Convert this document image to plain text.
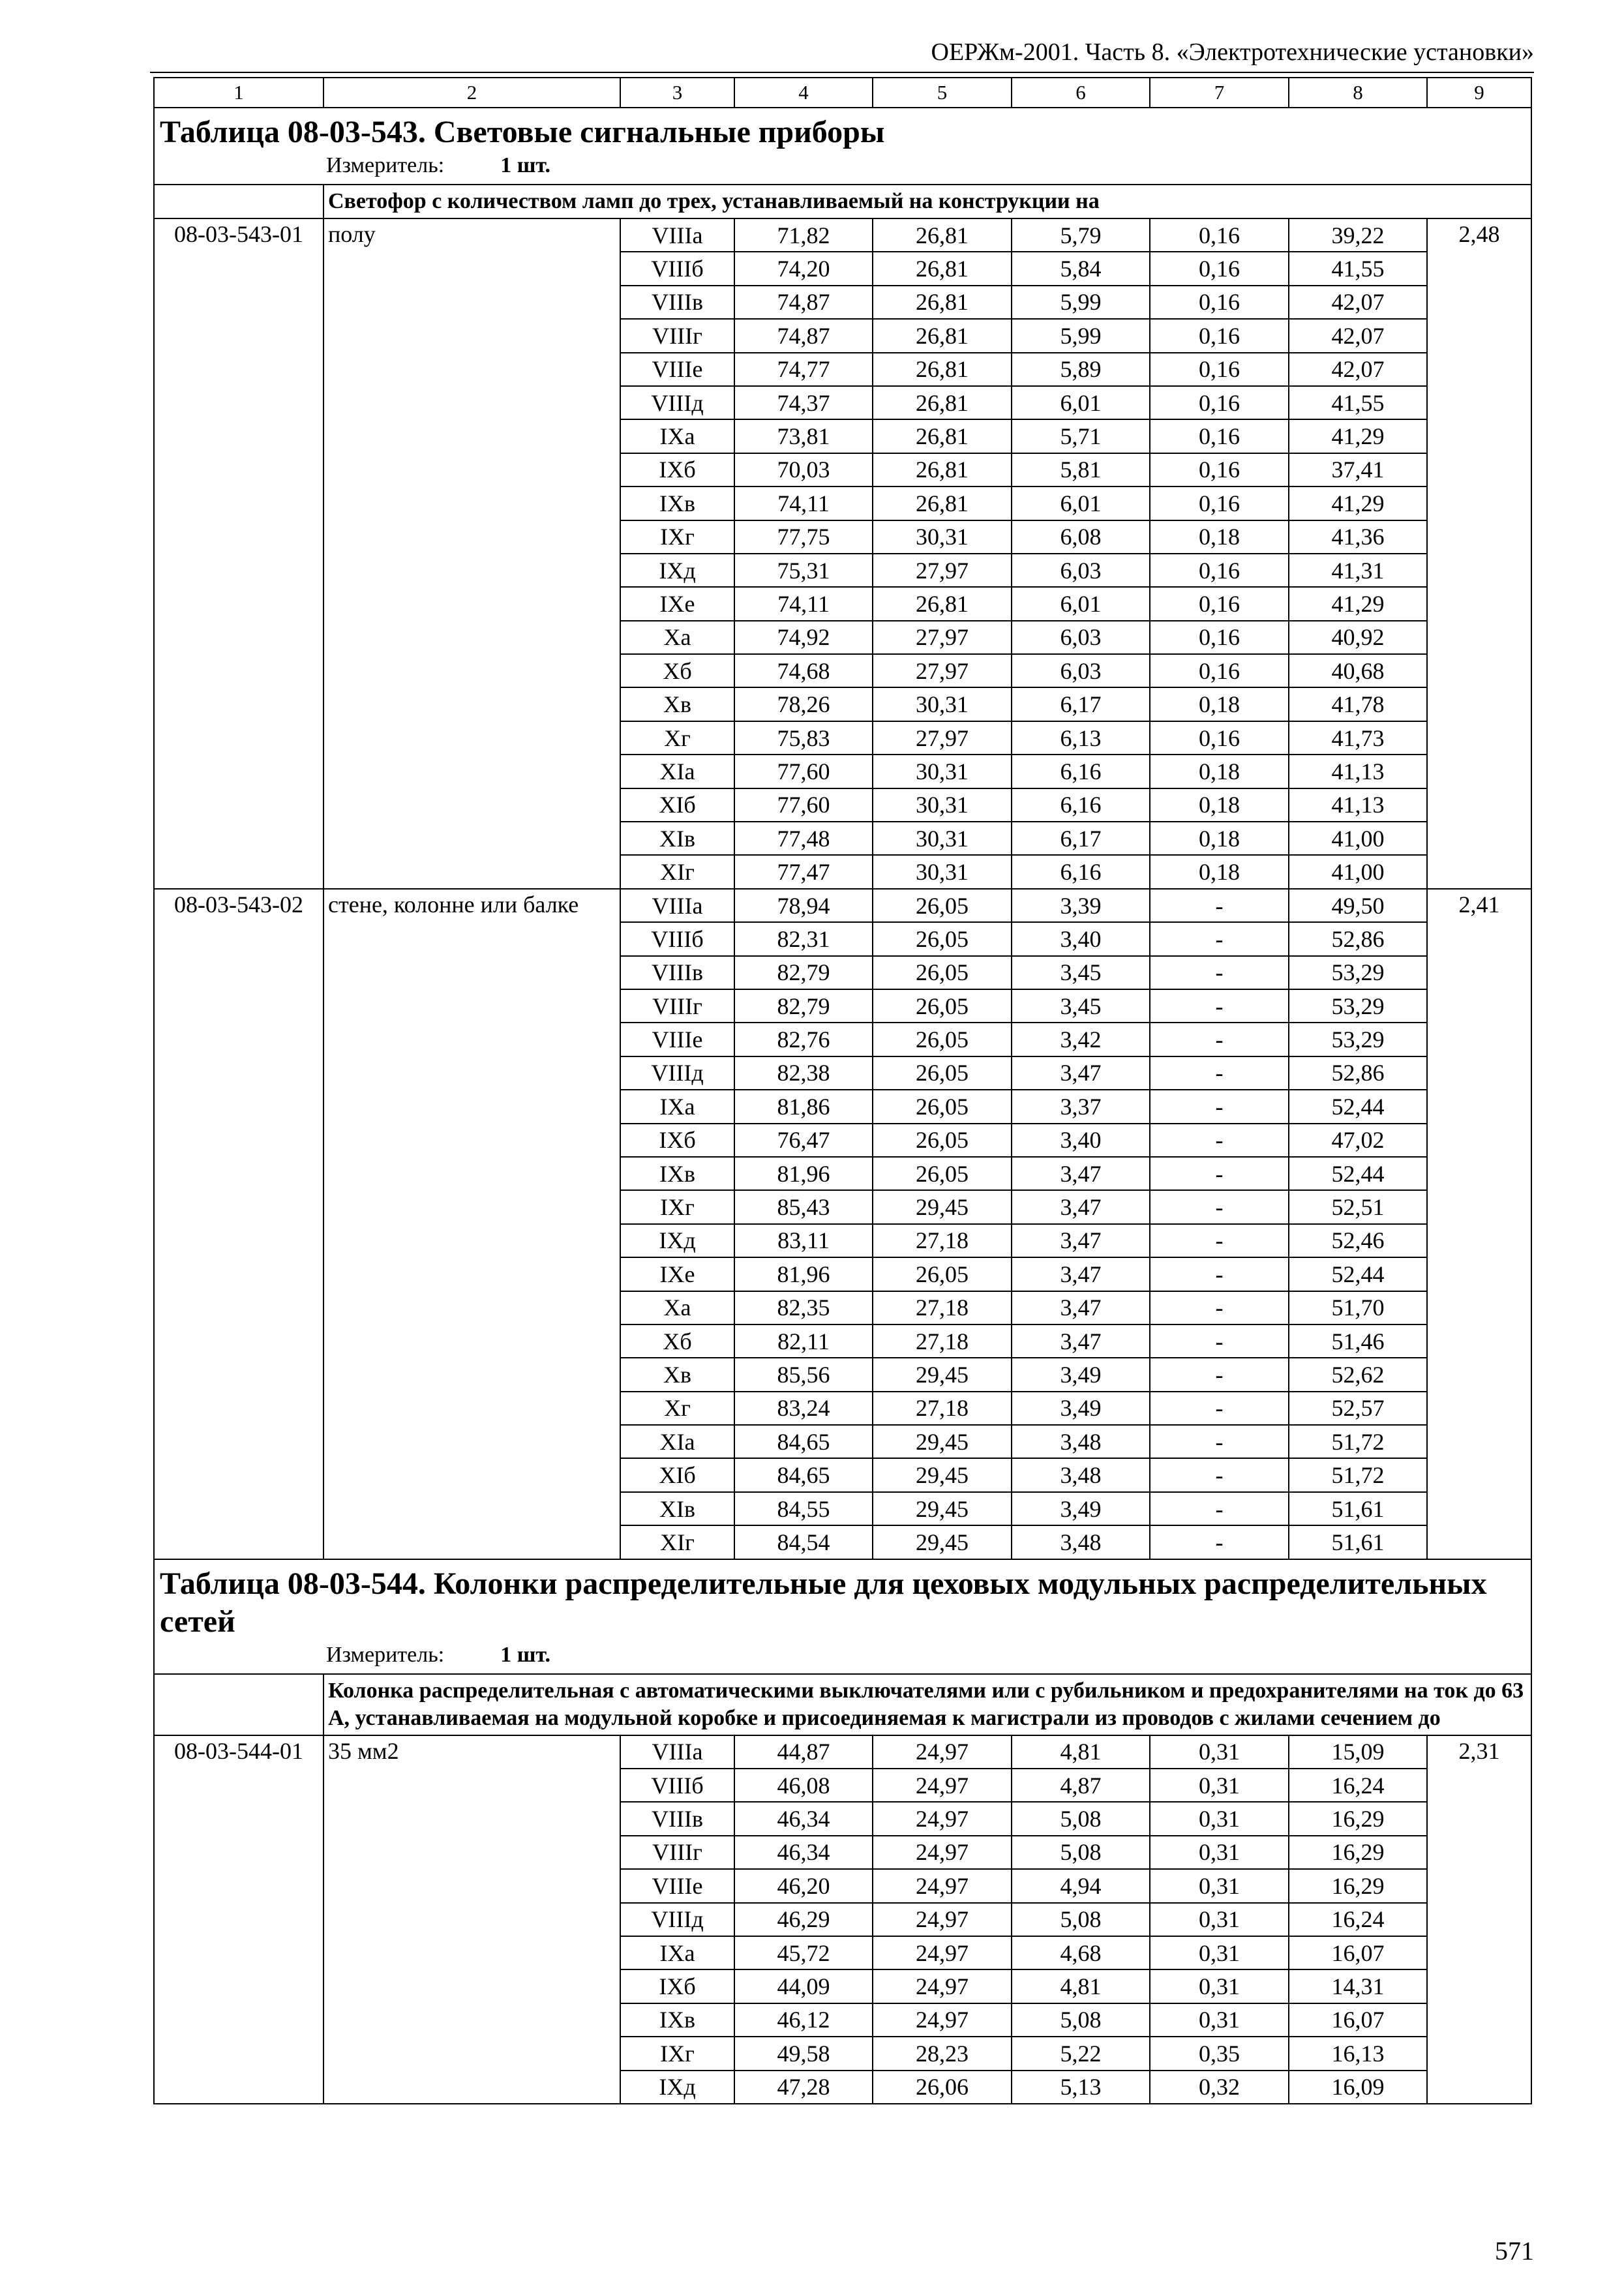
ОЕРЖм-2001. Часть 8. «Электротехнические установки»
1	2	3	4	5	6	7	8	9

Таблица 08-03-543. Световые сигнальные приборы
Измеритель: 1 шт.								

	Светофор с количеством ламп до трех, устанавливаемый на конструкции на							
08-03-543-01	полу	VIIIа	71,82	26,81	5,79	0,16	39,22	2,48
		VIIIб	74,20	26,81	5,84	0,16	41,55	
		VIIIв	74,87	26,81	5,99	0,16	42,07	
		VIIIг	74,87	26,81	5,99	0,16	42,07	
		VIIIе	74,77	26,81	5,89	0,16	42,07	
		VIIIд	74,37	26,81	6,01	0,16	41,55	
		IXа	73,81	26,81	5,71	0,16	41,29	
		IXб	70,03	26,81	5,81	0,16	37,41	
		IXв	74,11	26,81	6,01	0,16	41,29	
		IXг	77,75	30,31	6,08	0,18	41,36	
		IXд	75,31	27,97	6,03	0,16	41,31	
		IXе	74,11	26,81	6,01	0,16	41,29	
		Xа	74,92	27,97	6,03	0,16	40,92	
		Xб	74,68	27,97	6,03	0,16	40,68	
		Xв	78,26	30,31	6,17	0,18	41,78	
		Xг	75,83	27,97	6,13	0,16	41,73	
		XIа	77,60	30,31	6,16	0,18	41,13	
		XIб	77,60	30,31	6,16	0,18	41,13	
		XIв	77,48	30,31	6,17	0,18	41,00	
		XIг	77,47	30,31	6,16	0,18	41,00	
08-03-543-02	стене, колонне или балке	VIIIа	78,94	26,05	3,39	-	49,50	2,41
		VIIIб	82,31	26,05	3,40	-	52,86	
		VIIIв	82,79	26,05	3,45	-	53,29	
		VIIIг	82,79	26,05	3,45	-	53,29	
		VIIIе	82,76	26,05	3,42	-	53,29	
		VIIIд	82,38	26,05	3,47	-	52,86	
		IXа	81,86	26,05	3,37	-	52,44	
		IXб	76,47	26,05	3,40	-	47,02	
		IXв	81,96	26,05	3,47	-	52,44	
		IXг	85,43	29,45	3,47	-	52,51	
		IXд	83,11	27,18	3,47	-	52,46	
		IXе	81,96	26,05	3,47	-	52,44	
		Xа	82,35	27,18	3,47	-	51,70	
		Xб	82,11	27,18	3,47	-	51,46	
		Xв	85,56	29,45	3,49	-	52,62	
		Xг	83,24	27,18	3,49	-	52,57	
		XIа	84,65	29,45	3,48	-	51,72	
		XIб	84,65	29,45	3,48	-	51,72	
		XIв	84,55	29,45	3,49	-	51,61	
		XIг	84,54	29,45	3,48	-	51,61	

Таблица 08-03-544. Колонки распределительные для цеховых модульных распределительных сетей
Измеритель: 1 шт.								

	Колонка распределительная с автоматическими выключателями или с рубильником и предохранителями на ток до 63 А, устанавливаемая на модульной коробке и присоединяемая к магистрали из проводов с жилами сечением до							
08-03-544-01	35 мм2	VIIIа	44,87	24,97	4,81	0,31	15,09	2,31
		VIIIб	46,08	24,97	4,87	0,31	16,24	
		VIIIв	46,34	24,97	5,08	0,31	16,29	
		VIIIг	46,34	24,97	5,08	0,31	16,29	
		VIIIе	46,20	24,97	4,94	0,31	16,29	
		VIIIд	46,29	24,97	5,08	0,31	16,24	
		IXа	45,72	24,97	4,68	0,31	16,07	
		IXб	44,09	24,97	4,81	0,31	14,31	
		IXв	46,12	24,97	5,08	0,31	16,07	
		IXг	49,58	28,23	5,22	0,35	16,13	
		IXд	47,28	26,06	5,13	0,32	16,09	
571
